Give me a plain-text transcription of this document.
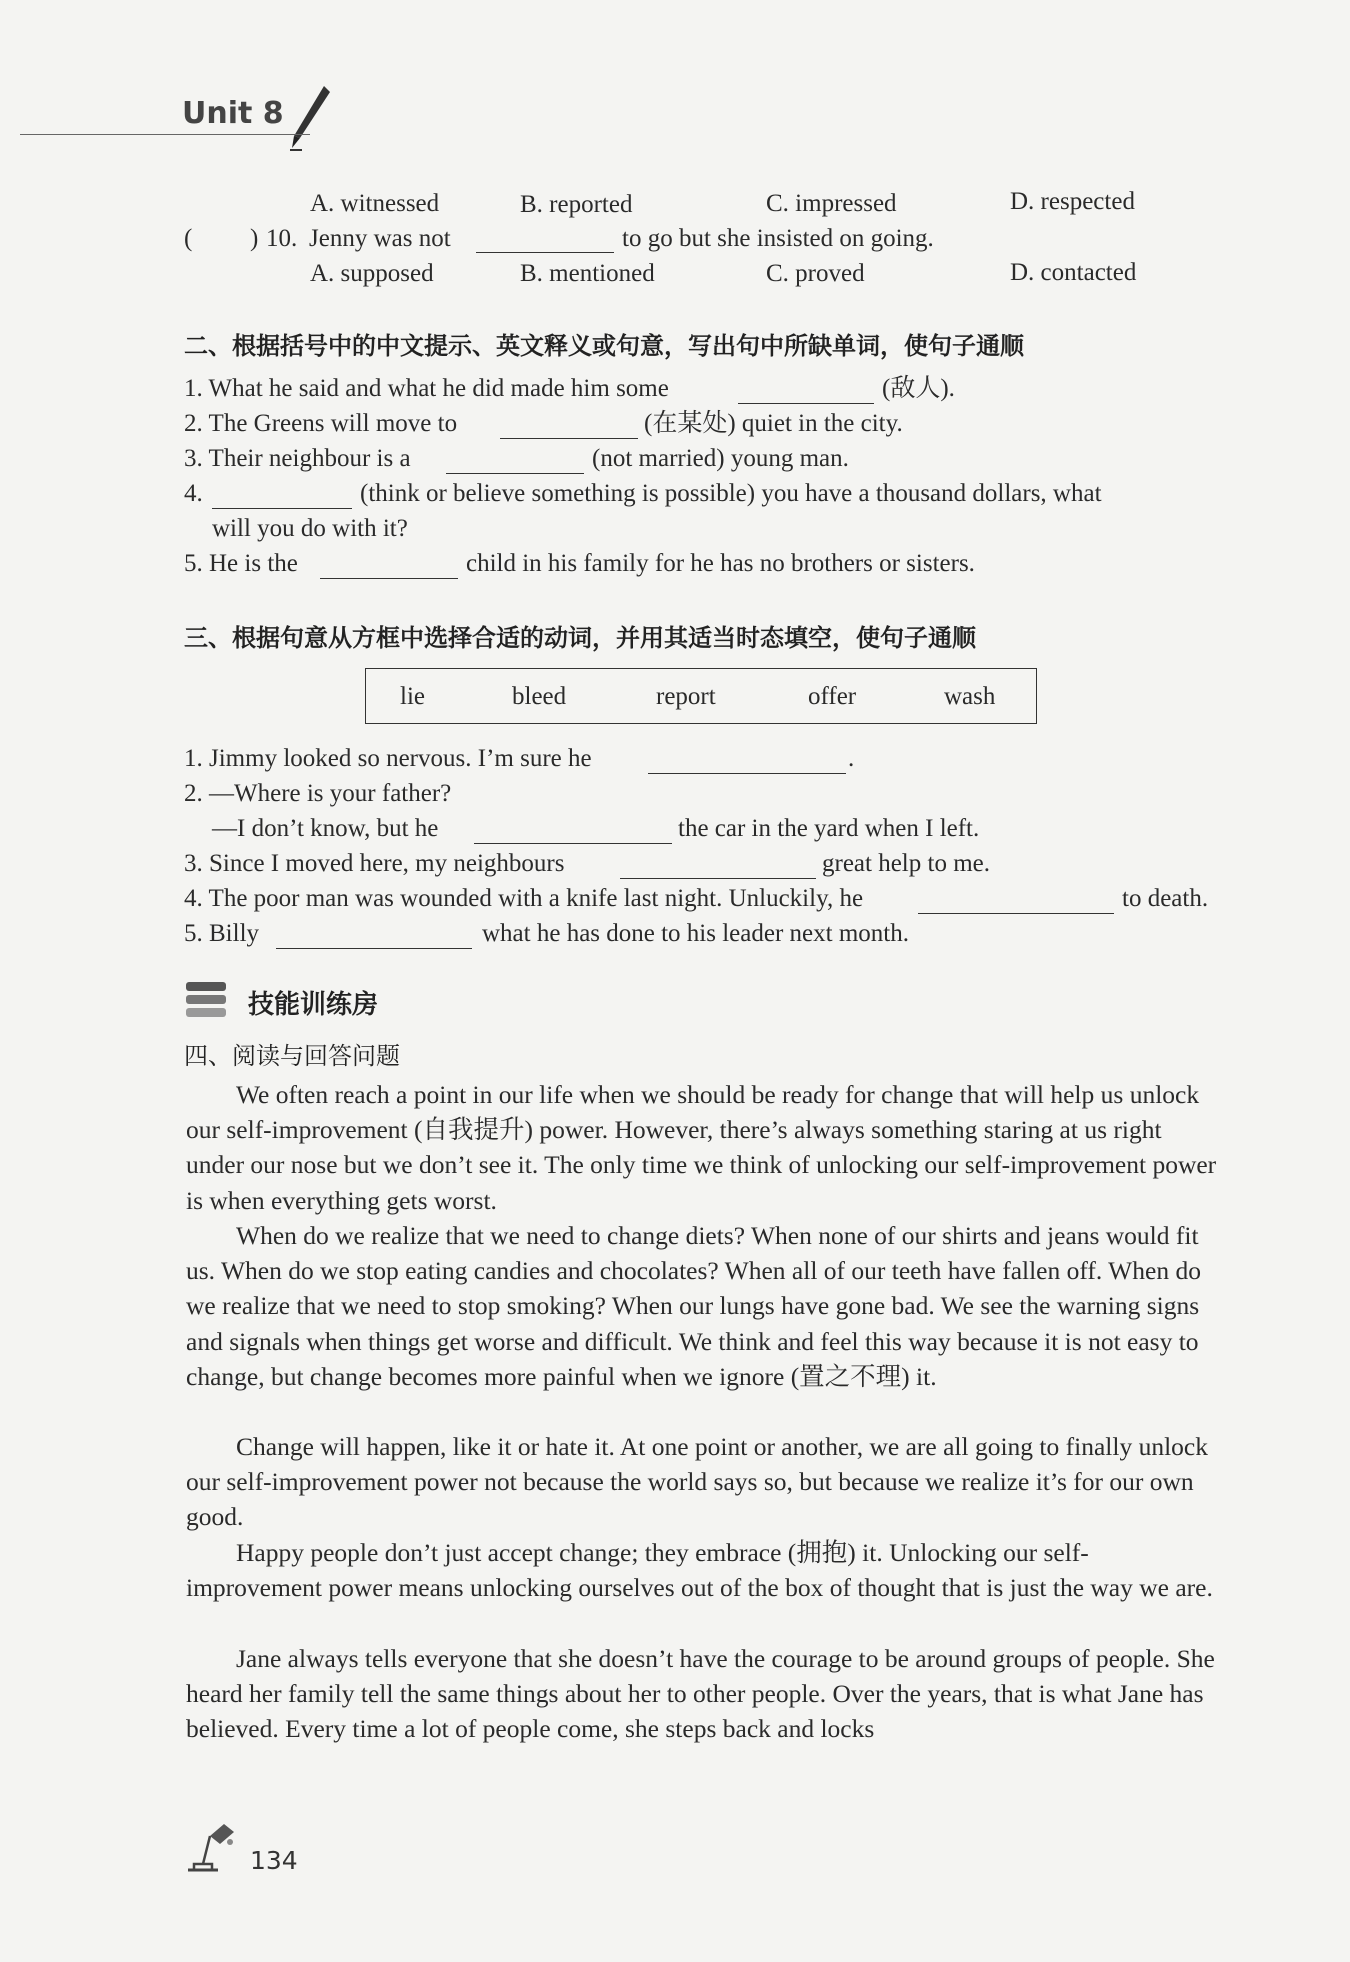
Unit 8
A. witnessed	B. reported	C. impressed	D. respected
( ) 10. Jenny was not	to go but she insisted on going.
A. supposed	B. mentioned	C. proved	D. contacted
二、根据括号中的中文提示、英文释义或句意，写出句中所缺单词，使句子通顺
1. What he said and what he did made him some	(敌人).
2. The Greens will move to	(在某处) quiet in the city.
3. Their neighbour is a	(not married) young man.
4.	(think or believe something is possible) you have a thousand dollars, what
will you do with it?
5. He is the	child in his family for he has no brothers or sisters.
三、根据句意从方框中选择合适的动词，并用其适当时态填空，使句子通顺
lie	bleed	report	offer	wash
1. Jimmy looked so nervous. I’m sure he	.
2. —Where is your father?
—I don’t know, but he	the car in the yard when I left.
3. Since I moved here, my neighbours	great help to me.
4. The poor man was wounded with a knife last night. Unluckily, he	to death.
5. Billy	what he has done to his leader next month.
技能训练房
四、阅读与回答问题
We often reach a point in our life when we should be ready for change that will help us unlock our self-improvement (自我提升) power. However, there’s always something staring at us right under our nose but we don’t see it. The only time we think of unlocking our self-improvement power is when everything gets worst.
When do we realize that we need to change diets? When none of our shirts and jeans would fit us. When do we stop eating candies and chocolates? When all of our teeth have fallen off. When do we realize that we need to stop smoking? When our lungs have gone bad. We see the warning signs and signals when things get worse and difficult. We think and feel this way because it is not easy to change, but change becomes more painful when we ignore (置之不理) it.
Change will happen, like it or hate it. At one point or another, we are all going to finally unlock our self-improvement power not because the world says so, but because we realize it’s for our own good.
Happy people don’t just accept change; they embrace (拥抱) it. Unlocking our self-improvement power means unlocking ourselves out of the box of thought that is just the way we are.
Jane always tells everyone that she doesn’t have the courage to be around groups of people. She heard her family tell the same things about her to other people. Over the years, that is what Jane has believed. Every time a lot of people come, she steps back and locks
134
